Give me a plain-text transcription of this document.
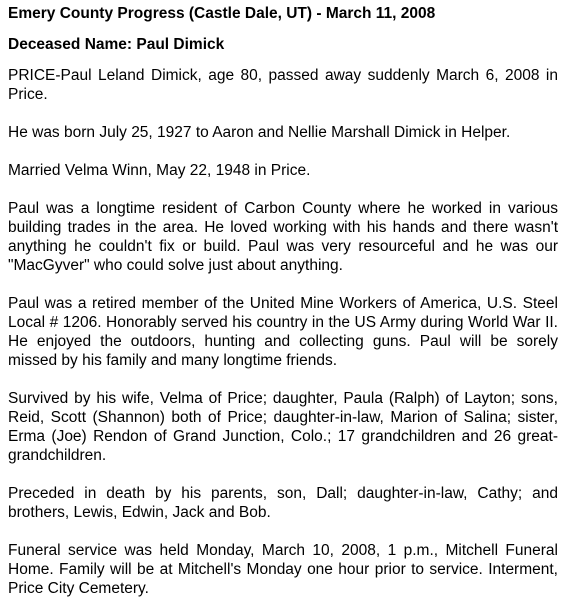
Emery County Progress (Castle Dale, UT) - March 11, 2008
Deceased Name: Paul Dimick

PRICE-Paul Leland Dimick, age 80, passed away suddenly March 6, 2008 in Price.

He was born July 25, 1927 to Aaron and Nellie Marshall Dimick in Helper.

Married Velma Winn, May 22, 1948 in Price.

Paul was a longtime resident of Carbon County where he worked in various building trades in the area. He loved working with his hands and there wasn't anything he couldn't fix or build. Paul was very resourceful and he was our "MacGyver" who could solve just about anything.

Paul was a retired member of the United Mine Workers of America, U.S. Steel Local # 1206. Honorably served his country in the US Army during World War II. He enjoyed the outdoors, hunting and collecting guns. Paul will be sorely missed by his family and many longtime friends.

Survived by his wife, Velma of Price; daughter, Paula (Ralph) of Layton; sons, Reid, Scott (Shannon) both of Price; daughter-in-law, Marion of Salina; sister, Erma (Joe) Rendon of Grand Junction, Colo.; 17 grandchildren and 26 great-grandchildren.

Preceded in death by his parents, son, Dall; daughter-in-law, Cathy; and brothers, Lewis, Edwin, Jack and Bob.

Funeral service was held Monday, March 10, 2008, 1 p.m., Mitchell Funeral Home. Family will be at Mitchell's Monday one hour prior to service. Interment, Price City Cemetery.
